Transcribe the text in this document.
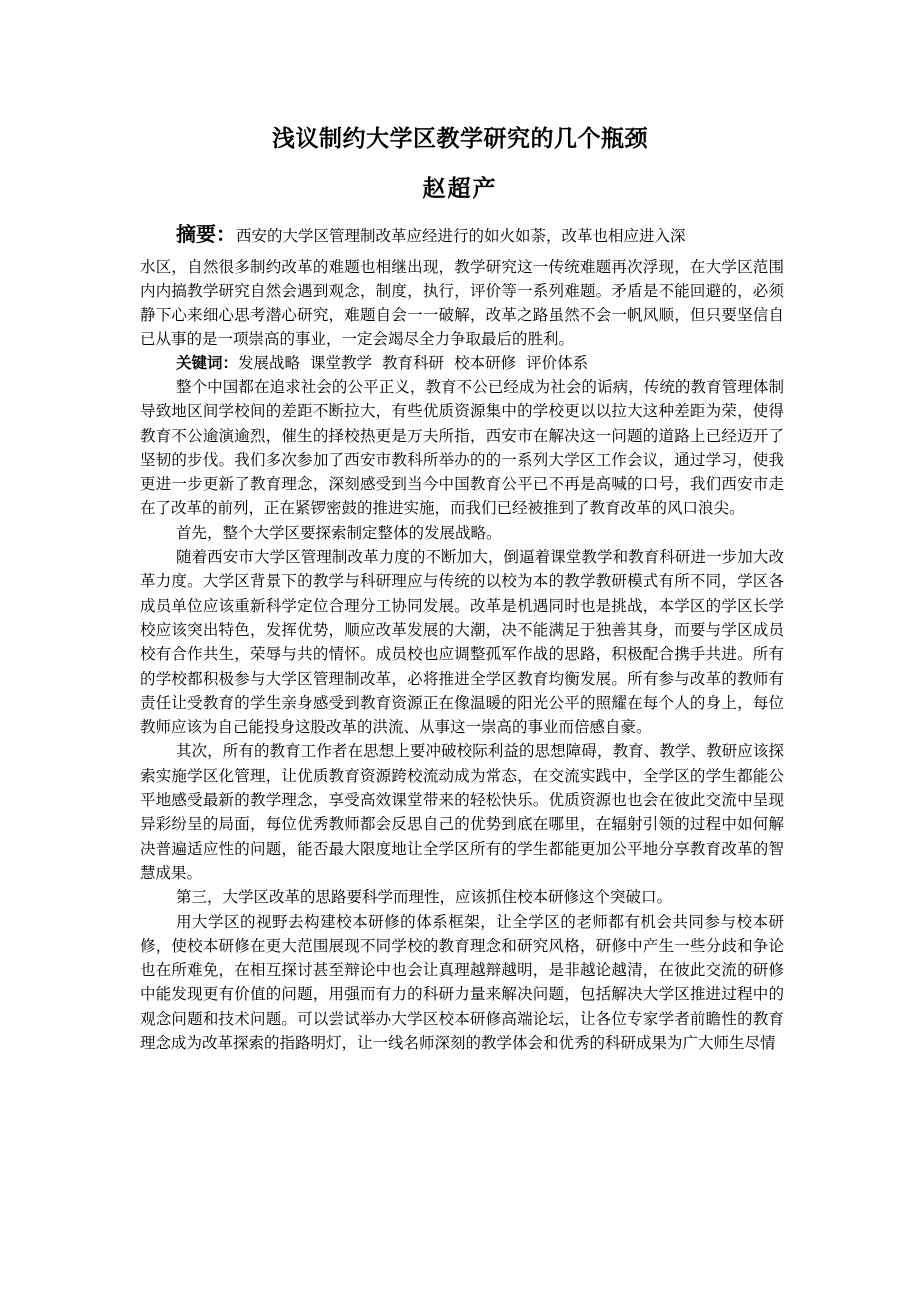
浅议制约大学区教学研究的几个瓶颈
赵超产

摘要：西安的大学区管理制改革应经进行的如火如荼，改革也相应进入深

水区，自然很多制约改革的难题也相继出现，教学研究这一传统难题再次浮现，在大学区范围内内搞教学研究自然会遇到观念，制度，执行，评价等一系列难题。矛盾是不能回避的，必须静下心来细心思考潜心研究，难题自会一一破解，改革之路虽然不会一帆风顺，但只要坚信自已从事的是一项崇高的事业，一定会竭尽全力争取最后的胜利。

关键词：发展战略 课堂教学 教育科研 校本研修 评价体系

整个中国都在追求社会的公平正义，教育不公已经成为社会的诟病，传统的教育管理体制导致地区间学校间的差距不断拉大，有些优质资源集中的学校更以以拉大这种差距为荣，使得教育不公逾演逾烈，催生的择校热更是万夫所指，西安市在解决这一问题的道路上已经迈开了坚韧的步伐。我们多次参加了西安市教科所举办的的一系列大学区工作会议，通过学习，使我更进一步更新了教育理念，深刻感受到当今中国教育公平已不再是高喊的口号，我们西安市走在了改革的前列，正在紧锣密鼓的推进实施，而我们已经被推到了教育改革的风口浪尖。

首先，整个大学区要探索制定整体的发展战略。

随着西安市大学区管理制改革力度的不断加大，倒逼着课堂教学和教育科研进一步加大改革力度。大学区背景下的教学与科研理应与传统的以校为本的教学教研模式有所不同，学区各成员单位应该重新科学定位合理分工协同发展。改革是机遇同时也是挑战，本学区的学区长学校应该突出特色，发挥优势，顺应改革发展的大潮，决不能满足于独善其身，而要与学区成员校有合作共生，荣辱与共的情怀。成员校也应调整孤军作战的思路，积极配合携手共进。所有的学校都积极参与大学区管理制改革，必将推进全学区教育均衡发展。所有参与改革的教师有责任让受教育的学生亲身感受到教育资源正在像温暖的阳光公平的照耀在每个人的身上，每位教师应该为自己能投身这股改革的洪流、从事这一崇高的事业而倍感自豪。

其次，所有的教育工作者在思想上要冲破校际利益的思想障碍，教育、教学、教研应该探索实施学区化管理，让优质教育资源跨校流动成为常态，在交流实践中，全学区的学生都能公平地感受最新的教学理念，享受高效课堂带来的轻松快乐。优质资源也也会在彼此交流中呈现异彩纷呈的局面，每位优秀教师都会反思自己的优势到底在哪里，在辐射引领的过程中如何解决普遍适应性的问题，能否最大限度地让全学区所有的学生都能更加公平地分享教育改革的智慧成果。

第三，大学区改革的思路要科学而理性，应该抓住校本研修这个突破口。

用大学区的视野去构建校本研修的体系框架，让全学区的老师都有机会共同参与校本研修，使校本研修在更大范围展现不同学校的教育理念和研究风格，研修中产生一些分歧和争论也在所难免，在相互探讨甚至辩论中也会让真理越辩越明，是非越论越清，在彼此交流的研修中能发现更有价值的问题，用强而有力的科研力量来解决问题，包括解决大学区推进过程中的观念问题和技术问题。可以尝试举办大学区校本研修高端论坛，让各位专家学者前瞻性的教育理念成为改革探索的指路明灯，让一线名师深刻的教学体会和优秀的科研成果为广大师生尽情
